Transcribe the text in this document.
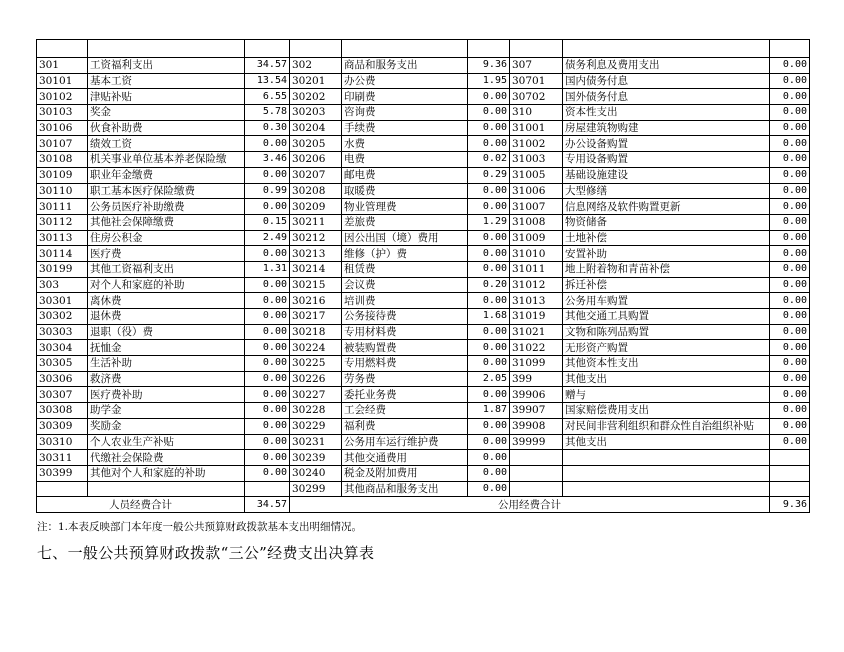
301	工资福利支出	34.57	302	商品和服务支出	9.36	307	债务利息及费用支出	0.00
30101	基本工资	13.54	30201	办公费	1.95	30701	国内债务付息	0.00
30102	津贴补贴	6.55	30202	印刷费	0.00	30702	国外债务付息	0.00
30103	奖金	5.78	30203	咨询费	0.00	310	资本性支出	0.00
30106	伙食补助费	0.30	30204	手续费	0.00	31001	房屋建筑物购建	0.00
30107	绩效工资	0.00	30205	水费	0.00	31002	办公设备购置	0.00
30108	机关事业单位基本养老保险缴	3.46	30206	电费	0.02	31003	专用设备购置	0.00
30109	职业年金缴费	0.00	30207	邮电费	0.29	31005	基础设施建设	0.00
30110	职工基本医疗保险缴费	0.99	30208	取暖费	0.00	31006	大型修缮	0.00
30111	公务员医疗补助缴费	0.00	30209	物业管理费	0.00	31007	信息网络及软件购置更新	0.00
30112	其他社会保障缴费	0.15	30211	差旅费	1.29	31008	物资储备	0.00
30113	住房公积金	2.49	30212	因公出国（境）费用	0.00	31009	土地补偿	0.00
30114	医疗费	0.00	30213	维修（护）费	0.00	31010	安置补助	0.00
30199	其他工资福利支出	1.31	30214	租赁费	0.00	31011	地上附着物和青苗补偿	0.00
303	对个人和家庭的补助	0.00	30215	会议费	0.20	31012	拆迁补偿	0.00
30301	离休费	0.00	30216	培训费	0.00	31013	公务用车购置	0.00
30302	退休费	0.00	30217	公务接待费	1.68	31019	其他交通工具购置	0.00
30303	退职（役）费	0.00	30218	专用材料费	0.00	31021	文物和陈列品购置	0.00
30304	抚恤金	0.00	30224	被装购置费	0.00	31022	无形资产购置	0.00
30305	生活补助	0.00	30225	专用燃料费	0.00	31099	其他资本性支出	0.00
30306	救济费	0.00	30226	劳务费	2.05	399	其他支出	0.00
30307	医疗费补助	0.00	30227	委托业务费	0.00	39906	赠与	0.00
30308	助学金	0.00	30228	工会经费	1.87	39907	国家赔偿费用支出	0.00
30309	奖励金	0.00	30229	福利费	0.00	39908	对民间非营利组织和群众性自治组织补贴	0.00
30310	个人农业生产补贴	0.00	30231	公务用车运行维护费	0.00	39999	其他支出	0.00
30311	代缴社会保险费	0.00	30239	其他交通费用	0.00			
30399	其他对个人和家庭的补助	0.00	30240	税金及附加费用	0.00			
			30299	其他商品和服务支出	0.00			
人员经费合计		34.57	公用经费合计					9.36
注：1.本表反映部门本年度一般公共预算财政拨款基本支出明细情况。
七、一般公共预算财政拨款“三公”经费支出决算表
